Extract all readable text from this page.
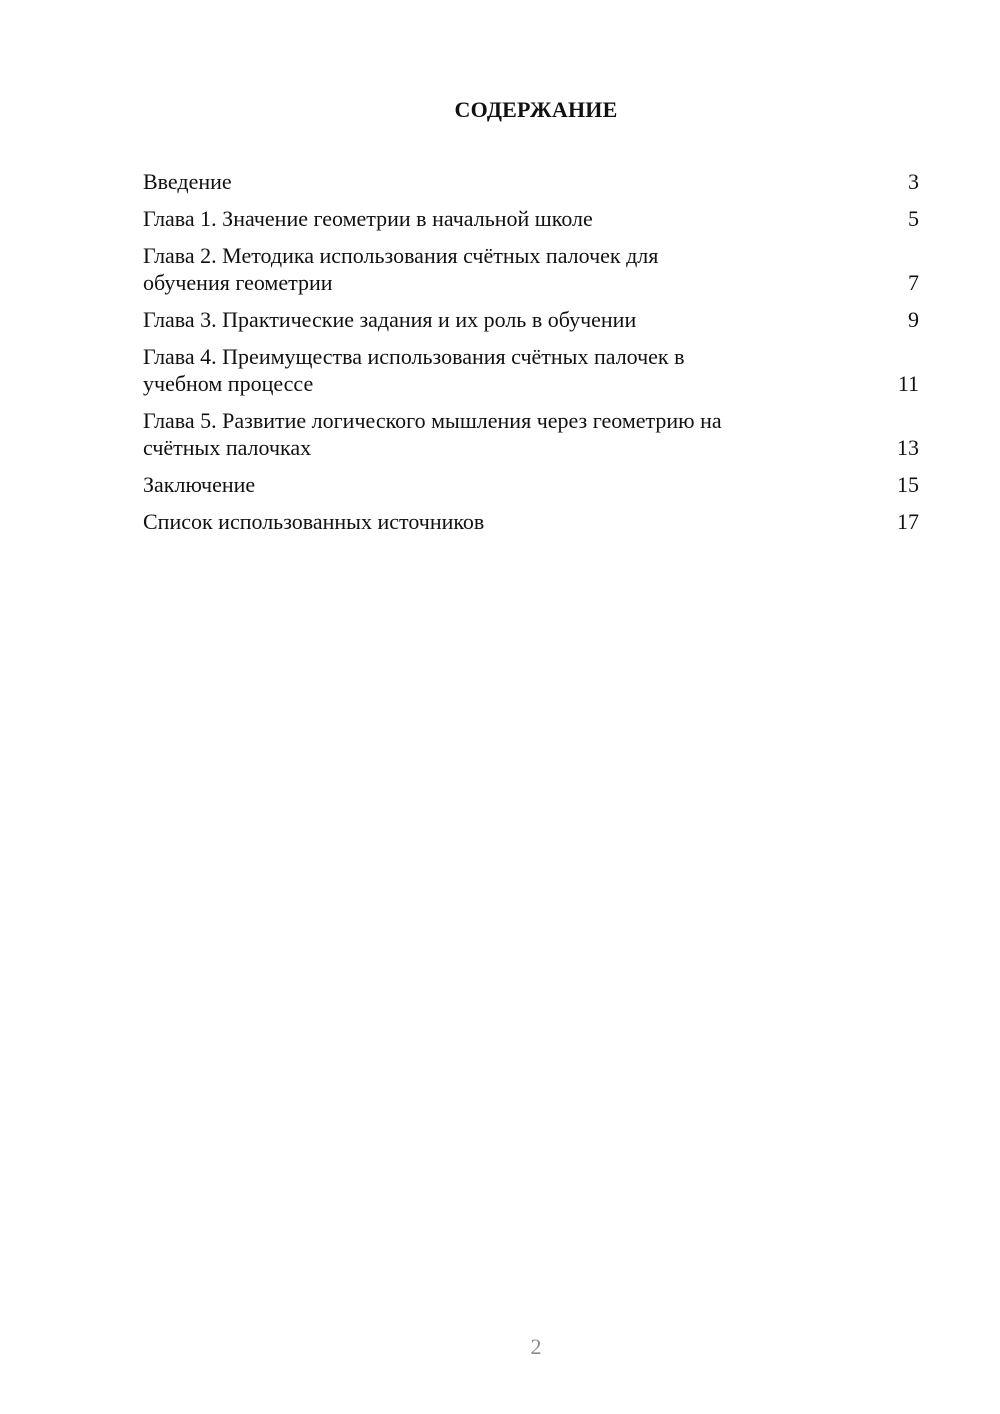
СОДЕРЖАНИЕ
Введение	3
Глава 1. Значение геометрии в начальной школе	5
Глава 2. Методика использования счётных палочек для
обучения геометрии	7
Глава 3. Практические задания и их роль в обучении	9
Глава 4. Преимущества использования счётных палочек в
учебном процессе	11
Глава 5. Развитие логического мышления через геометрию на
счётных палочках	13
Заключение	15
Список использованных источников	17
2
